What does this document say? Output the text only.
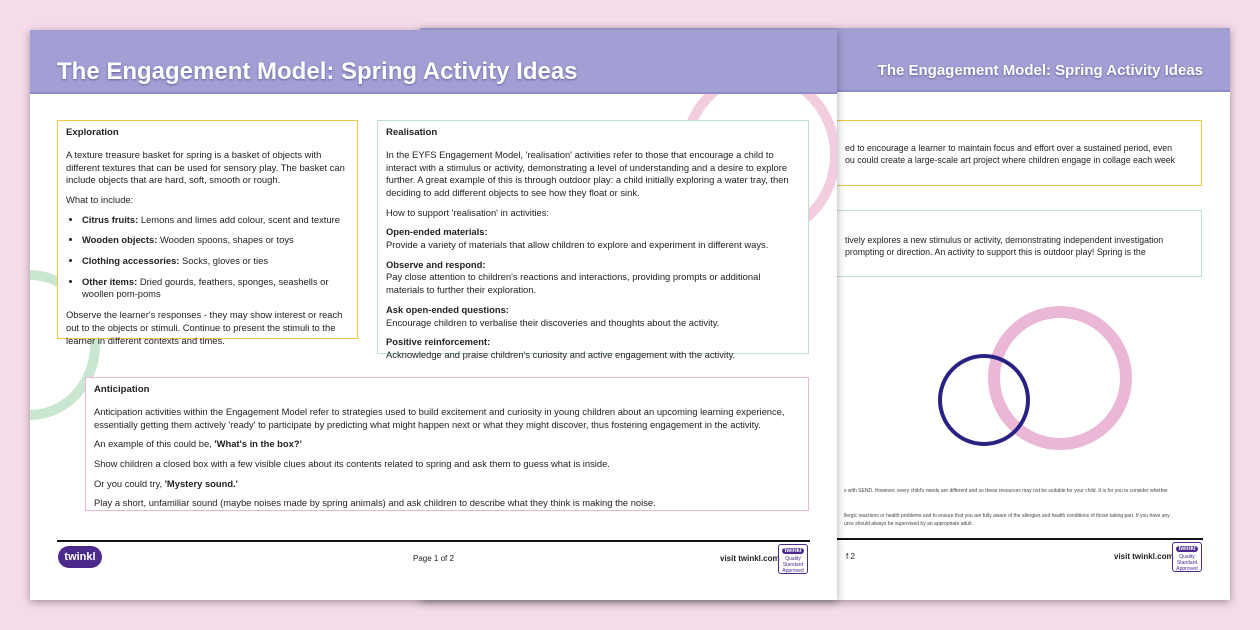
The Engagement Model: Spring Activity Ideas
ed to encourage a learner to maintain focus and effort over a sustained period, even
ou could create a large-scale art project where children engage in collage each week
tively explores a new stimulus or activity, demonstrating independent investigation
prompting or direction. An activity to support this is outdoor play! Spring is the
s with SEND. However, every child's needs are different and so these resources may not be suitable for your child. It is for you to consider whether
llergic reactions or health problems and to ensure that you are fully aware of the allergies and health conditions of those taking part. If you have any
urce should always be supervised by an appropriate adult.
f 2	visit twinkl.com
twinkl
Quality Standard Approved
The Engagement Model: Spring Activity Ideas
Exploration

A texture treasure basket for spring is a basket of objects with different textures that can be used for sensory play. The basket can include objects that are hard, soft, smooth or rough.

What to include:

• Citrus fruits: Lemons and limes add colour, scent and texture
• Wooden objects: Wooden spoons, shapes or toys
• Clothing accessories: Socks, gloves or ties
• Other items: Dried gourds, feathers, sponges, seashells or woollen pom-poms

Observe the learner's responses - they may show interest or reach out to the objects or stimuli. Continue to present the stimuli to the learner in different contexts and times.

Realisation

In the EYFS Engagement Model, 'realisation' activities refer to those that encourage a child to interact with a stimulus or activity, demonstrating a level of understanding and a desire to explore further. A great example of this is through outdoor play: a child initially exploring a water tray, then deciding to add different objects to see how they float or sink.

How to support 'realisation' in activities:

Open-ended materials:
Provide a variety of materials that allow children to explore and experiment in different ways.

Observe and respond:
Pay close attention to children's reactions and interactions, providing prompts or additional materials to further their exploration.

Ask open-ended questions:
Encourage children to verbalise their discoveries and thoughts about the activity.

Positive reinforcement:
Acknowledge and praise children's curiosity and active engagement with the activity.

Anticipation

Anticipation activities within the Engagement Model refer to strategies used to build excitement and curiosity in young children about an upcoming learning experience, essentially getting them actively 'ready' to participate by predicting what might happen next or what they might discover, thus fostering engagement in the activity.

An example of this could be, 'What's in the box?'

Show children a closed box with a few visible clues about its contents related to spring and ask them to guess what is inside.

Or you could try, 'Mystery sound.'

Play a short, unfamiliar sound (maybe noises made by spring animals) and ask children to describe what they think is making the noise.

twinkl	Page 1 of 2	visit twinkl.com
twinkl
Quality Standard Approved
